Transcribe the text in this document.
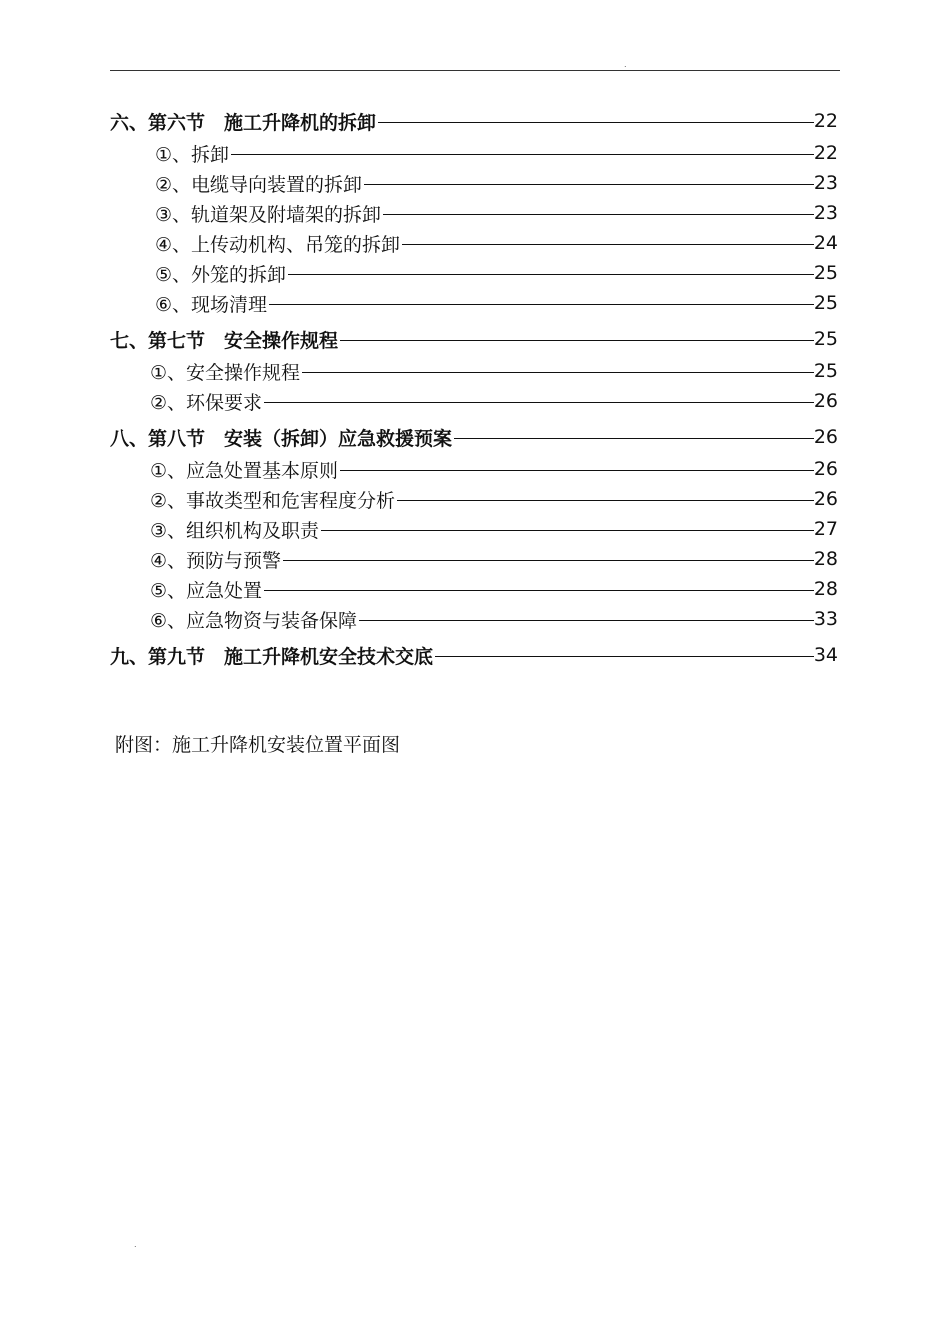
.
六、第六节　施工升降机的拆卸	22
①、拆卸	22
②、电缆导向装置的拆卸	23
③、轨道架及附墙架的拆卸	23
④、上传动机构、吊笼的拆卸	24
⑤、外笼的拆卸	25
⑥、现场清理	25
七、第七节　安全操作规程	25
①、安全操作规程	25
②、环保要求	26
八、第八节　安装（拆卸）应急救援预案	26
①、应急处置基本原则	26
②、事故类型和危害程度分析	26
③、组织机构及职责	27
④、预防与预警	28
⑤、应急处置	28
⑥、应急物资与装备保障	33
九、第九节　施工升降机安全技术交底	34
附图：施工升降机安装位置平面图
.
